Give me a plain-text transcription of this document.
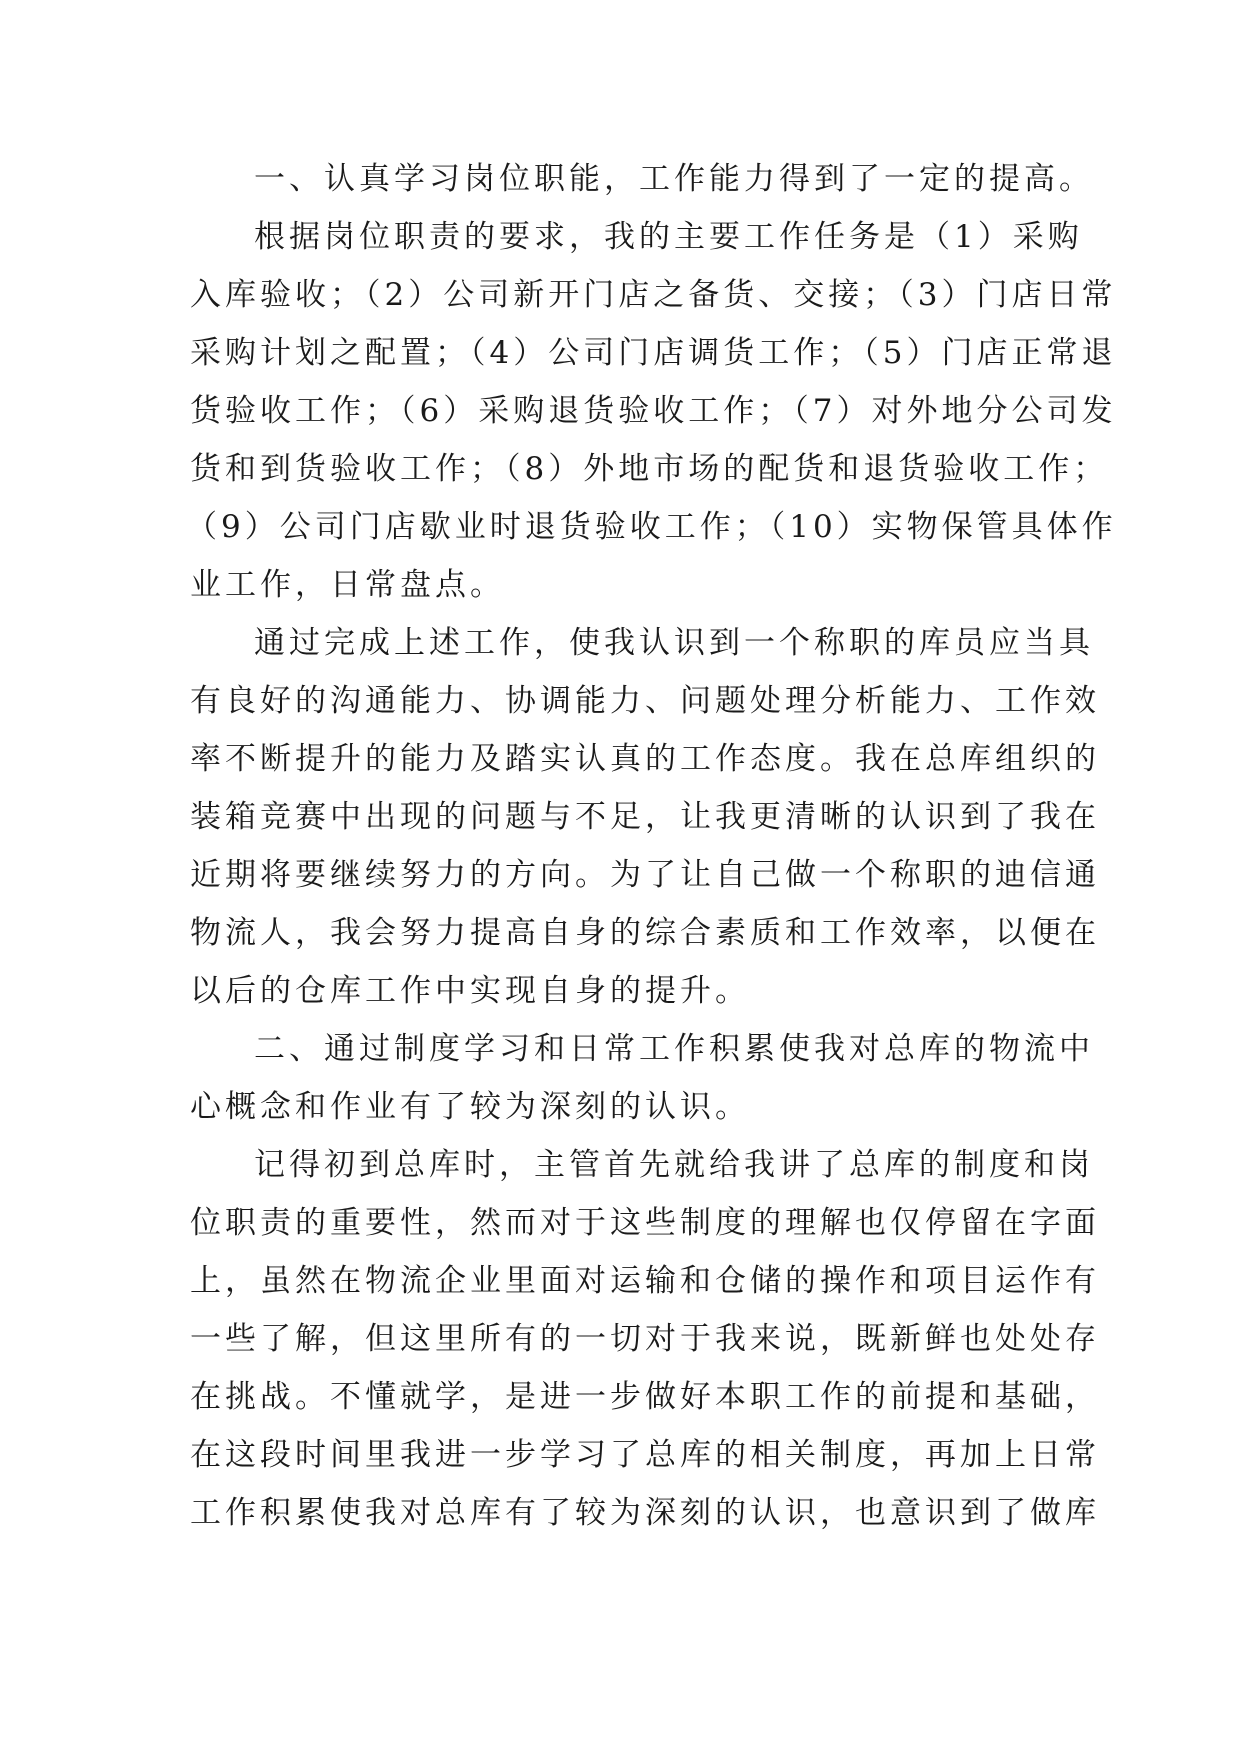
一、认真学习岗位职能，工作能力得到了一定的提高。
根据岗位职责的要求，我的主要工作任务是（1）采购
入库验收；（2）公司新开门店之备货、交接；（3）门店日常
采购计划之配置；（4）公司门店调货工作；（5）门店正常退
货验收工作；（6）采购退货验收工作；（7）对外地分公司发
货和到货验收工作；（8）外地市场的配货和退货验收工作；
（9）公司门店歇业时退货验收工作；（10）实物保管具体作
业工作，日常盘点。
通过完成上述工作，使我认识到一个称职的库员应当具
有良好的沟通能力、协调能力、问题处理分析能力、工作效
率不断提升的能力及踏实认真的工作态度。我在总库组织的
装箱竞赛中出现的问题与不足，让我更清晰的认识到了我在
近期将要继续努力的方向。为了让自己做一个称职的迪信通
物流人，我会努力提高自身的综合素质和工作效率，以便在
以后的仓库工作中实现自身的提升。
二、通过制度学习和日常工作积累使我对总库的物流中
心概念和作业有了较为深刻的认识。
记得初到总库时，主管首先就给我讲了总库的制度和岗
位职责的重要性，然而对于这些制度的理解也仅停留在字面
上，虽然在物流企业里面对运输和仓储的操作和项目运作有
一些了解，但这里所有的一切对于我来说，既新鲜也处处存
在挑战。不懂就学，是进一步做好本职工作的前提和基础，
在这段时间里我进一步学习了总库的相关制度，再加上日常
工作积累使我对总库有了较为深刻的认识，也意识到了做库
